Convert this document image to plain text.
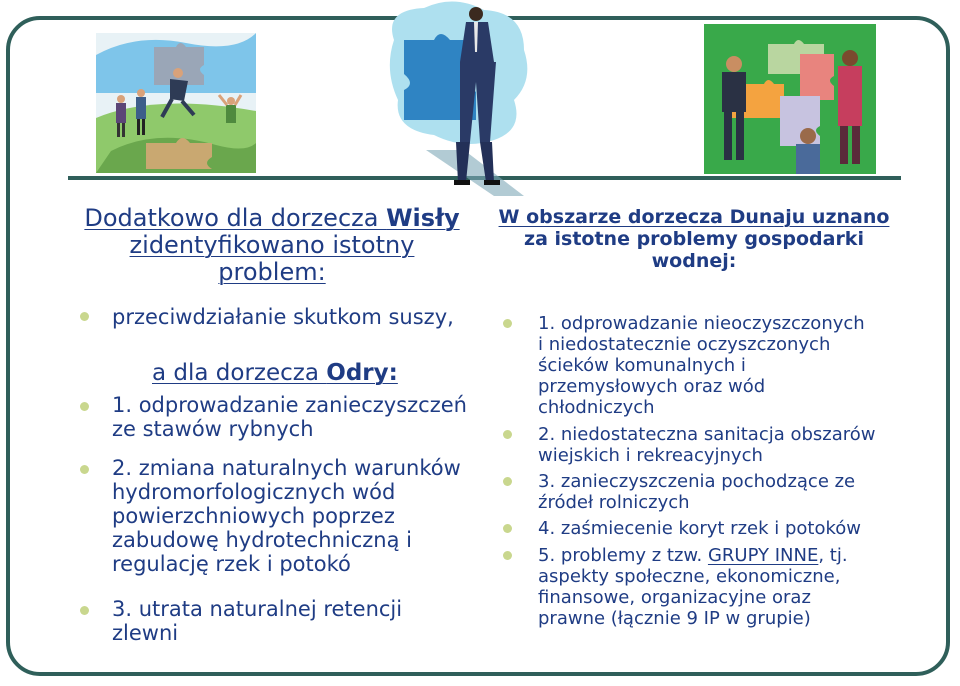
Dodatkowo dla dorzecza Wisły
zidentyfikowano istotny
problem:
przeciwdziałanie skutkom suszy,
a dla dorzecza Odry:
1. odprowadzanie zanieczyszczeń
ze stawów rybnych
2. zmiana naturalnych warunków
hydromorfologicznych wód
powierzchniowych poprzez
zabudowę hydrotechniczną i
regulację rzek i potokó
3. utrata naturalnej retencji
zlewni
W obszarze dorzecza Dunaju uznano
za istotne problemy gospodarki
wodnej:
1. odprowadzanie nieoczyszczonych
i niedostatecznie oczyszczonych
ścieków komunalnych i
przemysłowych oraz wód
chłodniczych
2. niedostateczna sanitacja obszarów
wiejskich i rekreacyjnych
3. zanieczyszczenia pochodzące ze
źródeł rolniczych
4. zaśmiecenie koryt rzek i potoków
5. problemy z tzw. GRUPY INNE, tj.
aspekty społeczne, ekonomiczne,
finansowe, organizacyjne oraz
prawne (łącznie 9 IP w grupie)
